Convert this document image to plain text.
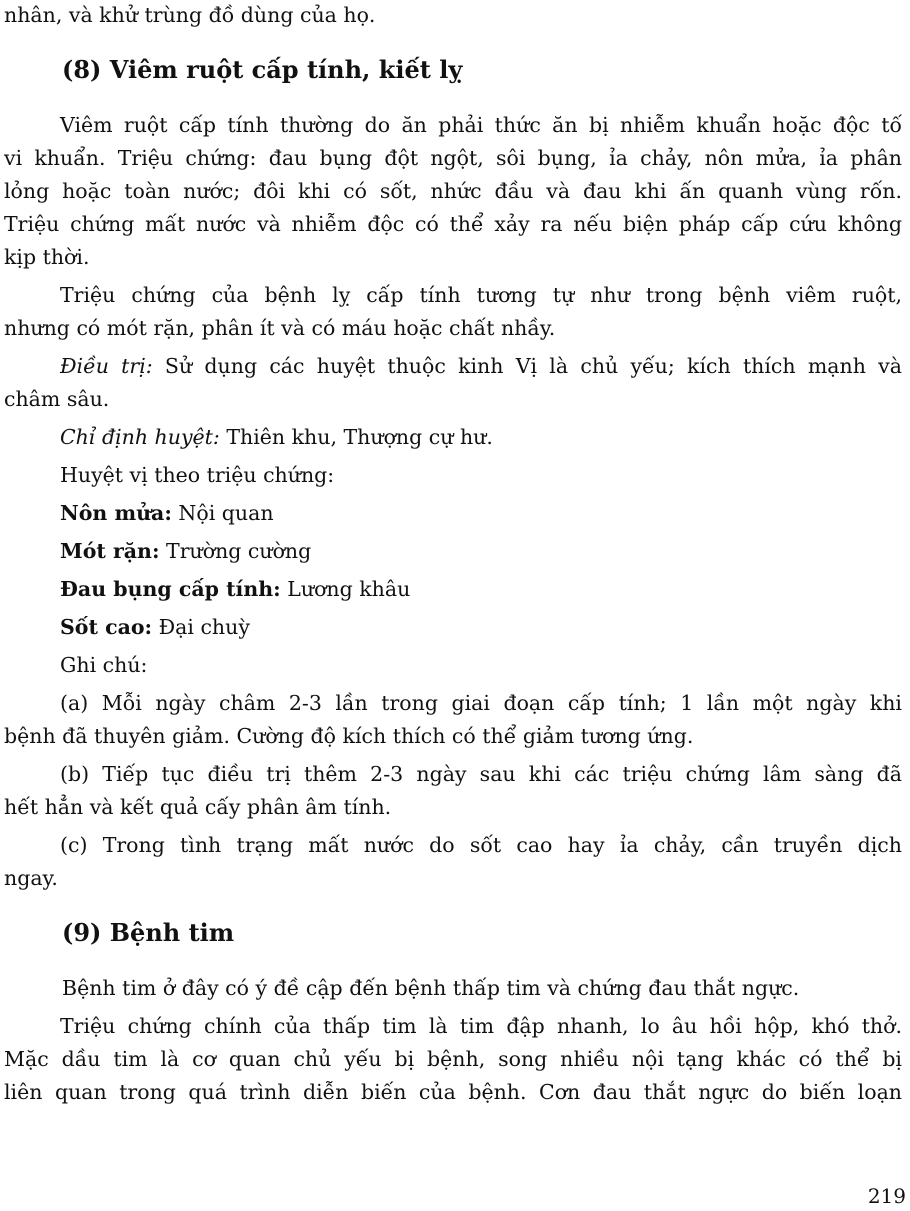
nhân, và khử trùng đồ dùng của họ.
(8) Viêm ruột cấp tính, kiết lỵ
Viêm ruột cấp tính thường do ăn phải thức ăn bị nhiễm khuẩn hoặc độc tố
vi khuẩn. Triệu chứng: đau bụng đột ngột, sôi bụng, ỉa chảy, nôn mửa, ỉa phân
lỏng hoặc toàn nước; đôi khi có sốt, nhức đầu và đau khi ấn quanh vùng rốn.
Triệu chứng mất nước và nhiễm độc có thể xảy ra nếu biện pháp cấp cứu không
kịp thời.
Triệu chứng của bệnh lỵ cấp tính tương tự như trong bệnh viêm ruột,
nhưng có mót rặn, phân ít và có máu hoặc chất nhầy.
Điều trị: Sử dụng các huyệt thuộc kinh Vị là chủ yếu; kích thích mạnh và
châm sâu.
Chỉ định huyệt: Thiên khu, Thượng cự hư.
Huyệt vị theo triệu chứng:
Nôn mửa: Nội quan
Mót rặn: Trường cường
Đau bụng cấp tính: Lương khâu
Sốt cao: Đại chuỳ
Ghi chú:
(a) Mỗi ngày châm 2-3 lần trong giai đoạn cấp tính; 1 lần một ngày khi
bệnh đã thuyên giảm. Cường độ kích thích có thể giảm tương ứng.
(b) Tiếp tục điều trị thêm 2-3 ngày sau khi các triệu chứng lâm sàng đã
hết hẳn và kết quả cấy phân âm tính.
(c) Trong tình trạng mất nước do sốt cao hay ỉa chảy, cần truyền dịch
ngay.
(9) Bệnh tim
Bệnh tim ở đây có ý đề cập đến bệnh thấp tim và chứng đau thắt ngực.
Triệu chứng chính của thấp tim là tim đập nhanh, lo âu hồi hộp, khó thở.
Mặc dầu tim là cơ quan chủ yếu bị bệnh, song nhiều nội tạng khác có thể bị
liên quan trong quá trình diễn biến của bệnh. Cơn đau thắt ngực do biến loạn
219
